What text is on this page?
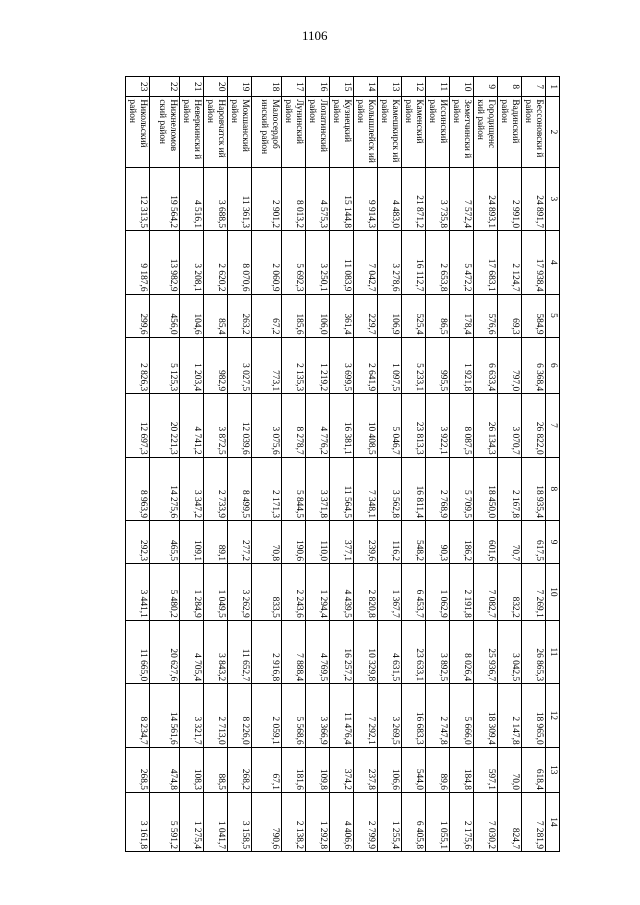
1106
1	2	3	4	5	6	7	8	9	10	11	12	13	14
7	Бессоновски й район	24 891,7	17 938,4	584,9	6 368,4	26 822,0	18 935,4	617,5	7 269,1	26 865,3	18 965,0	618,4	7 281,9
8	Вадинский район	2 991,0	2 124,7	69,3	797,0	3 070,7	2 167,8	70,7	832,2	3 042,5	2 147,8	70,0	824,7
9	Городищенс кий район	24 893,1	17 683,1	576,6	6 633,4	26 134,3	18 450,0	601,6	7 082,7	25 936,7	18 309,4	597,1	7 030,2
10	Земетчински й район	7 572,4	5 472,2	178,4	1 921,8	8 087,5	5 709,5	186,2	2 191,8	8 026,4	5 666,0	184,8	2 175,6
11	Иссинский район	3 735,8	2 653,8	86,5	995,5	3 922,1	2 768,9	90,3	1 062,9	3 892,5	2 747,8	89,6	1 055,1
12	Каменский район	21 871,2	16 112,7	525,4	5 233,1	23 813,3	16 811,4	548,2	6 453,7	23 633,1	16 683,3	544,0	6 405,8
13	Камешкирск ий район	4 483,0	3 278,6	106,9	1 097,5	5 046,7	3 562,8	116,2	1 367,7	4 631,5	3 269,5	106,6	1 255,4
14	Колышлейск ий район	9 914,3	7 042,7	229,7	2 641,9	10 408,5	7 348,1	239,6	2 820,8	10 329,8	7 292,1	237,8	2 799,9
15	Кузнецкий район	15 144,8	11 083,9	361,4	3 699,5	16 381,1	11 564,5	377,1	4 439,5	16 257,2	11 476,4	374,2	4 406,6
16	Лопатинский район	4 575,3	3 250,1	106,0	1 219,2	4 776,2	3 371,8	110,0	1 294,4	4 769,5	3 366,9	109,8	1 292,8
17	Лунинский район	8 013,2	5 692,3	185,6	2 135,3	8 278,7	5 844,5	190,6	2 243,6	7 888,4	5 568,6	181,6	2 138,2
18	Малосердоб инский район	2 901,2	2 060,9	67,2	773,1	3 075,6	2 171,3	70,8	833,5	2 916,8	2 059,1	67,1	790,6
19	Мокшанский район	11 361,3	8 070,6	263,2	3 027,5	12 039,6	8 499,5	277,2	3 262,9	11 652,7	8 226,0	268,2	3 158,5
20	Наровчатск ий район	3 688,5	2 620,2	85,4	982,9	3 872,5	2 733,9	89,1	1 049,5	3 843,2	2 713,0	88,5	1 041,7
21	Неверкински й район	4 516,1	3 208,1	104,6	1 203,4	4 741,2	3 347,2	109,1	1 284,9	4 705,4	3 321,7	108,3	1 275,4
22	Нижнеломов ский район	19 564,2	13 982,9	456,0	5 125,3	20 221,3	14 275,6	465,5	5 480,2	20 627,6	14 561,6	474,8	5 591,2
23	Никольский район	12 313,5	9 187,6	299,6	2 826,3	12 697,3	8 963,9	292,3	3 441,1	11 665,0	8 234,7	268,5	3 161,8
